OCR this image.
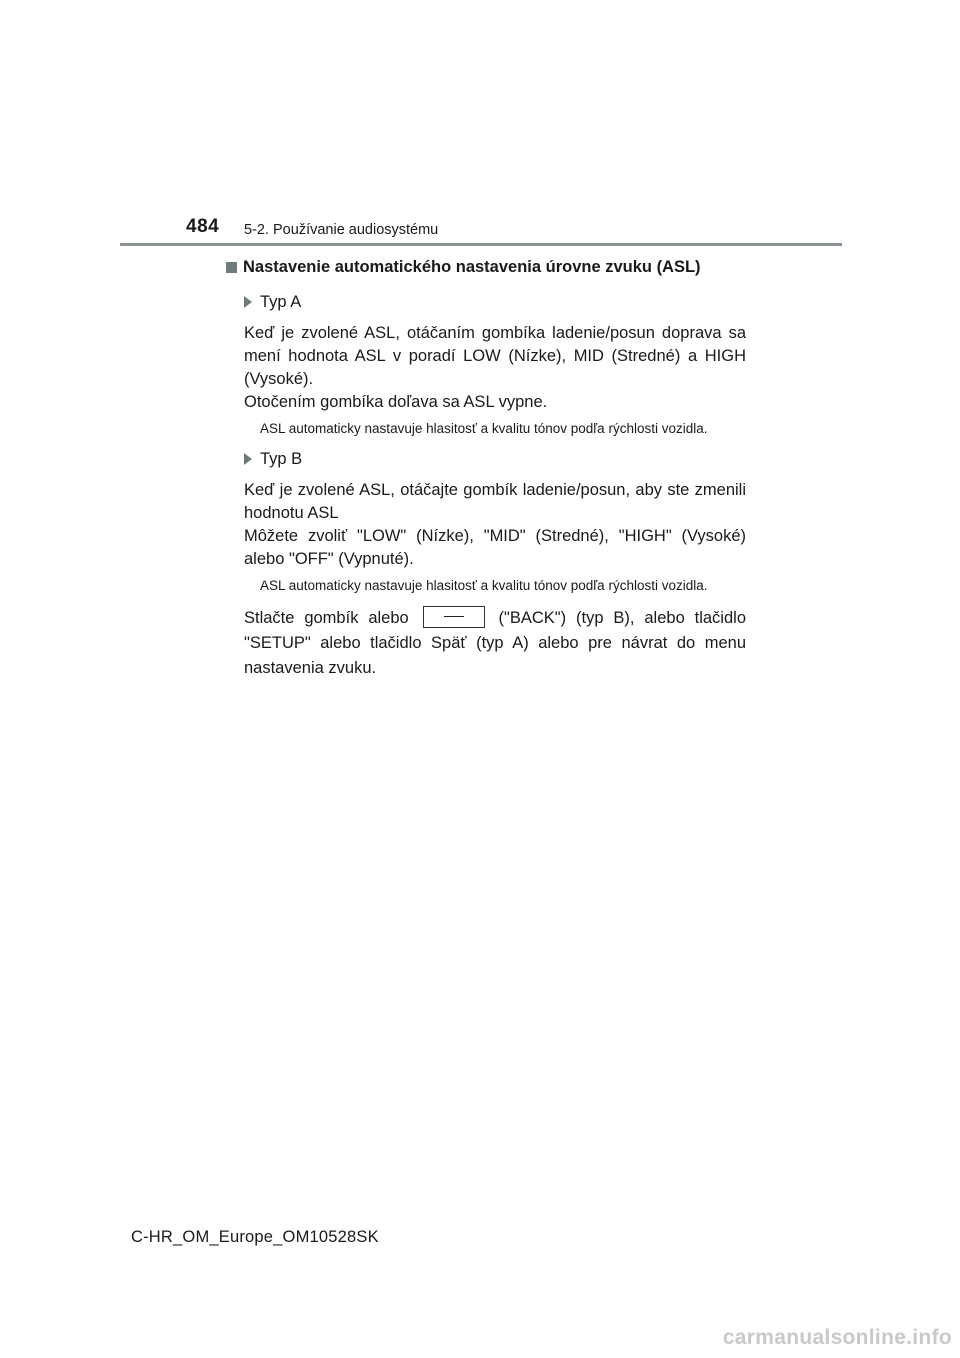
484 5-2. Používanie audiosystému
Nastavenie automatického nastavenia úrovne zvuku (ASL)
Typ A

Keď je zvolené ASL, otáčaním gombíka ladenie/posun doprava sa mení hodnota ASL v poradí LOW (Nízke), MID (Stredné) a HIGH (Vysoké).

Otočením gombíka doľava sa ASL vypne.

ASL automaticky nastavuje hlasitosť a kvalitu tónov podľa rýchlosti vozidla.
Typ B

Keď je zvolené ASL, otáčajte gombík ladenie/posun, aby ste zmenili hodnotu ASL

Môžete zvoliť "LOW" (Nízke), "MID" (Stredné), "HIGH" (Vysoké) alebo "OFF" (Vypnuté).

ASL automaticky nastavuje hlasitosť a kvalitu tónov podľa rýchlosti vozidla.
Stlačte gombík alebo	("BACK") (typ B), alebo tlačidlo "SETUP" alebo tlačidlo Späť (typ A) alebo pre návrat do menu nastavenia zvuku.
C-HR_OM_Europe_OM10528SK
carmanualsonline.info
